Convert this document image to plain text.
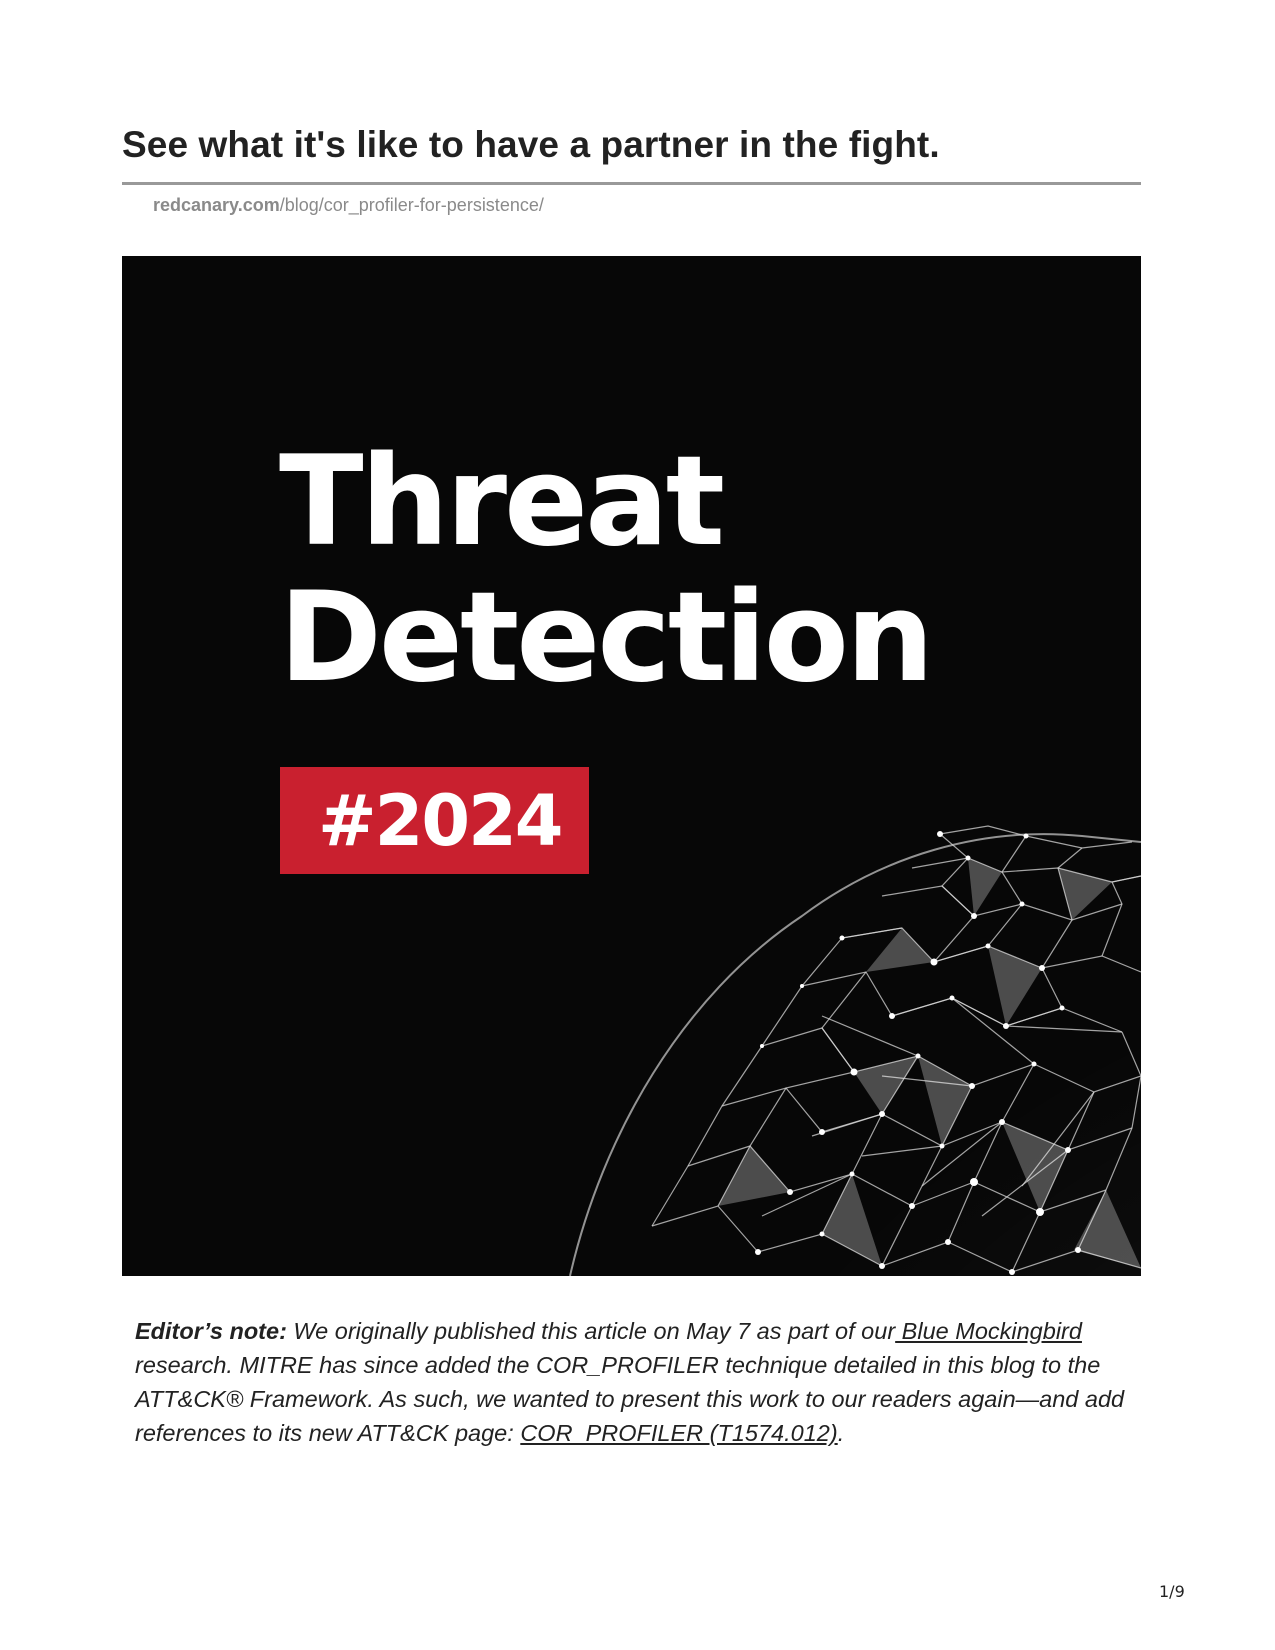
See what it's like to have a partner in the fight.
redcanary.com/blog/cor_profiler-for-persistence/
Threat
Detection
#2024

Editor’s note: We originally published this article on May 7 as part of our Blue Mockingbird research. MITRE has since added the COR_PROFILER technique detailed in this blog to the ATT&CK® Framework. As such, we wanted to present this work to our readers again—and add references to its new ATT&CK page: COR_PROFILER (T1574.012).

1/9
